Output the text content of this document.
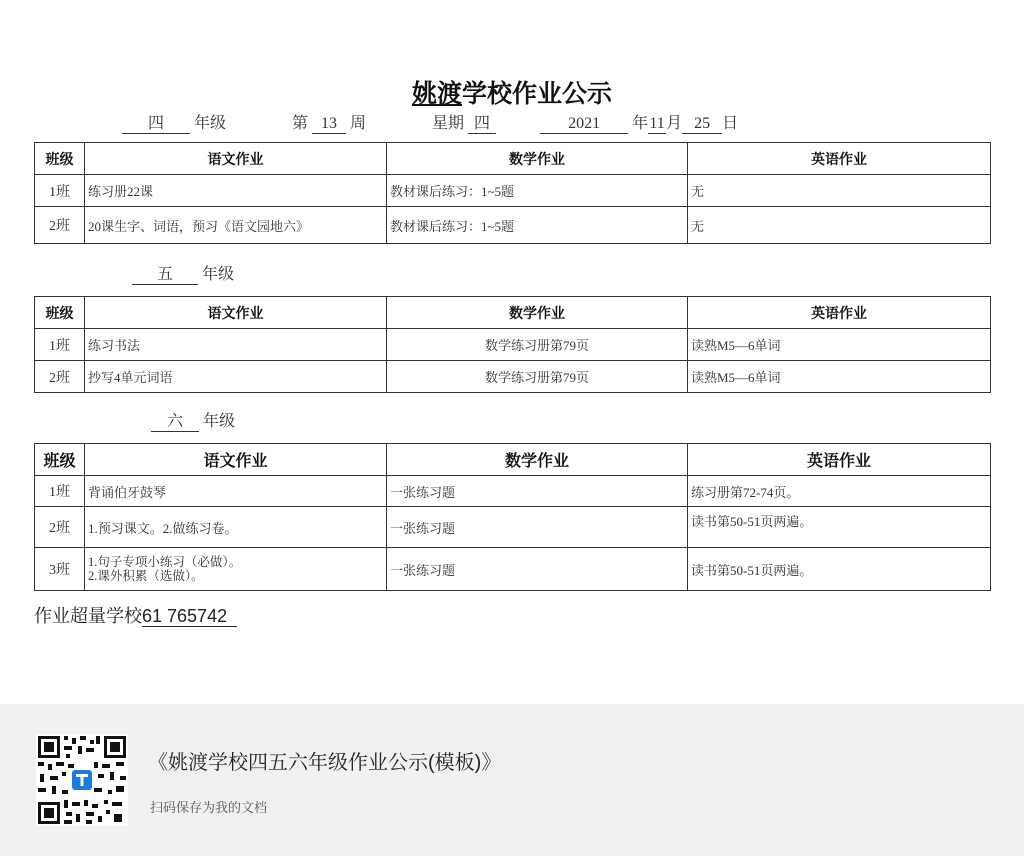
姚渡学校作业公示
四 年级	第 13 周	星期 四	2021 年11月 25 日
班级	语文作业	数学作业	英语作业
1班	练习册22课	教材课后练习：1~5题	无
2班	20课生字、词语，预习《语文园地六》	教材课后练习：1~5题	无
五 年级
班级	语文作业	数学作业	英语作业
1班	练习书法	数学练习册第79页	读熟M5—6单词
2班	抄写4单元词语	数学练习册第79页	读熟M5—6单词
六 年级
班级	语文作业	数学作业	英语作业
1班	背诵伯牙鼓琴	一张练习题	练习册第72-74页。
2班	1.预习课文。2.做练习卷。	一张练习题	读书第50-51页两遍。
3班	1.句子专项小练习（必做）。
2.课外积累（选做）。	一张练习题	读书第50-51页两遍。
作业超量学校61 765742
《姚渡学校四五六年级作业公示(模板)》
扫码保存为我的文档
